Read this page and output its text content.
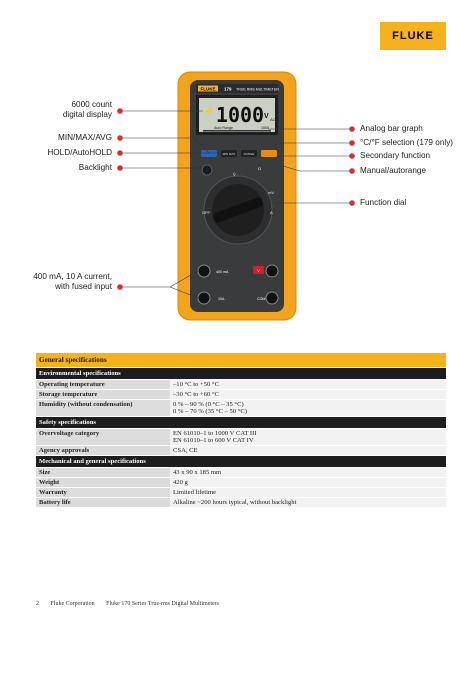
FLUKE
FLUKE 179 TRUE RMS MULTIMETER
⚡ 1000 V AC
Auto Range	1000
MIN MAX	RANGE
OFF
Ṽ
Ω
mV
A
400 mA	V
10A	COM
6000 count
digital display
MIN/MAX/AVG
HOLD/AutoHOLD
Backlight
400 mA, 10 A current,
with fused input
Analog bar graph
°C/°F selection (179 only)
Secondary function
Manual/autorange
Function dial
General specifications	
Environmental specifications	
Operating temperature	–10 °C to +50 °C
Storage temperature	–30 °C to +60 °C
Humidity (without condensation)	0 % – 90 % (0 °C – 35 °C)
0 % – 70 % (35 °C – 50 °C)
Safety specifications	
Overvoltage category	EN 61010–1 to 1000 V CAT III
EN 61010–1 to 600 V CAT IV
Agency approvals	CSA, CE
Mechanical and general specifications	
Size	43 x 90 x 185 mm
Weight	420 g
Warranty	Limited lifetime
Battery life	Alkaline ~200 hours typical, without backlight
2 Fluke Corporation Fluke 170 Series True-rms Digital Multimeters
